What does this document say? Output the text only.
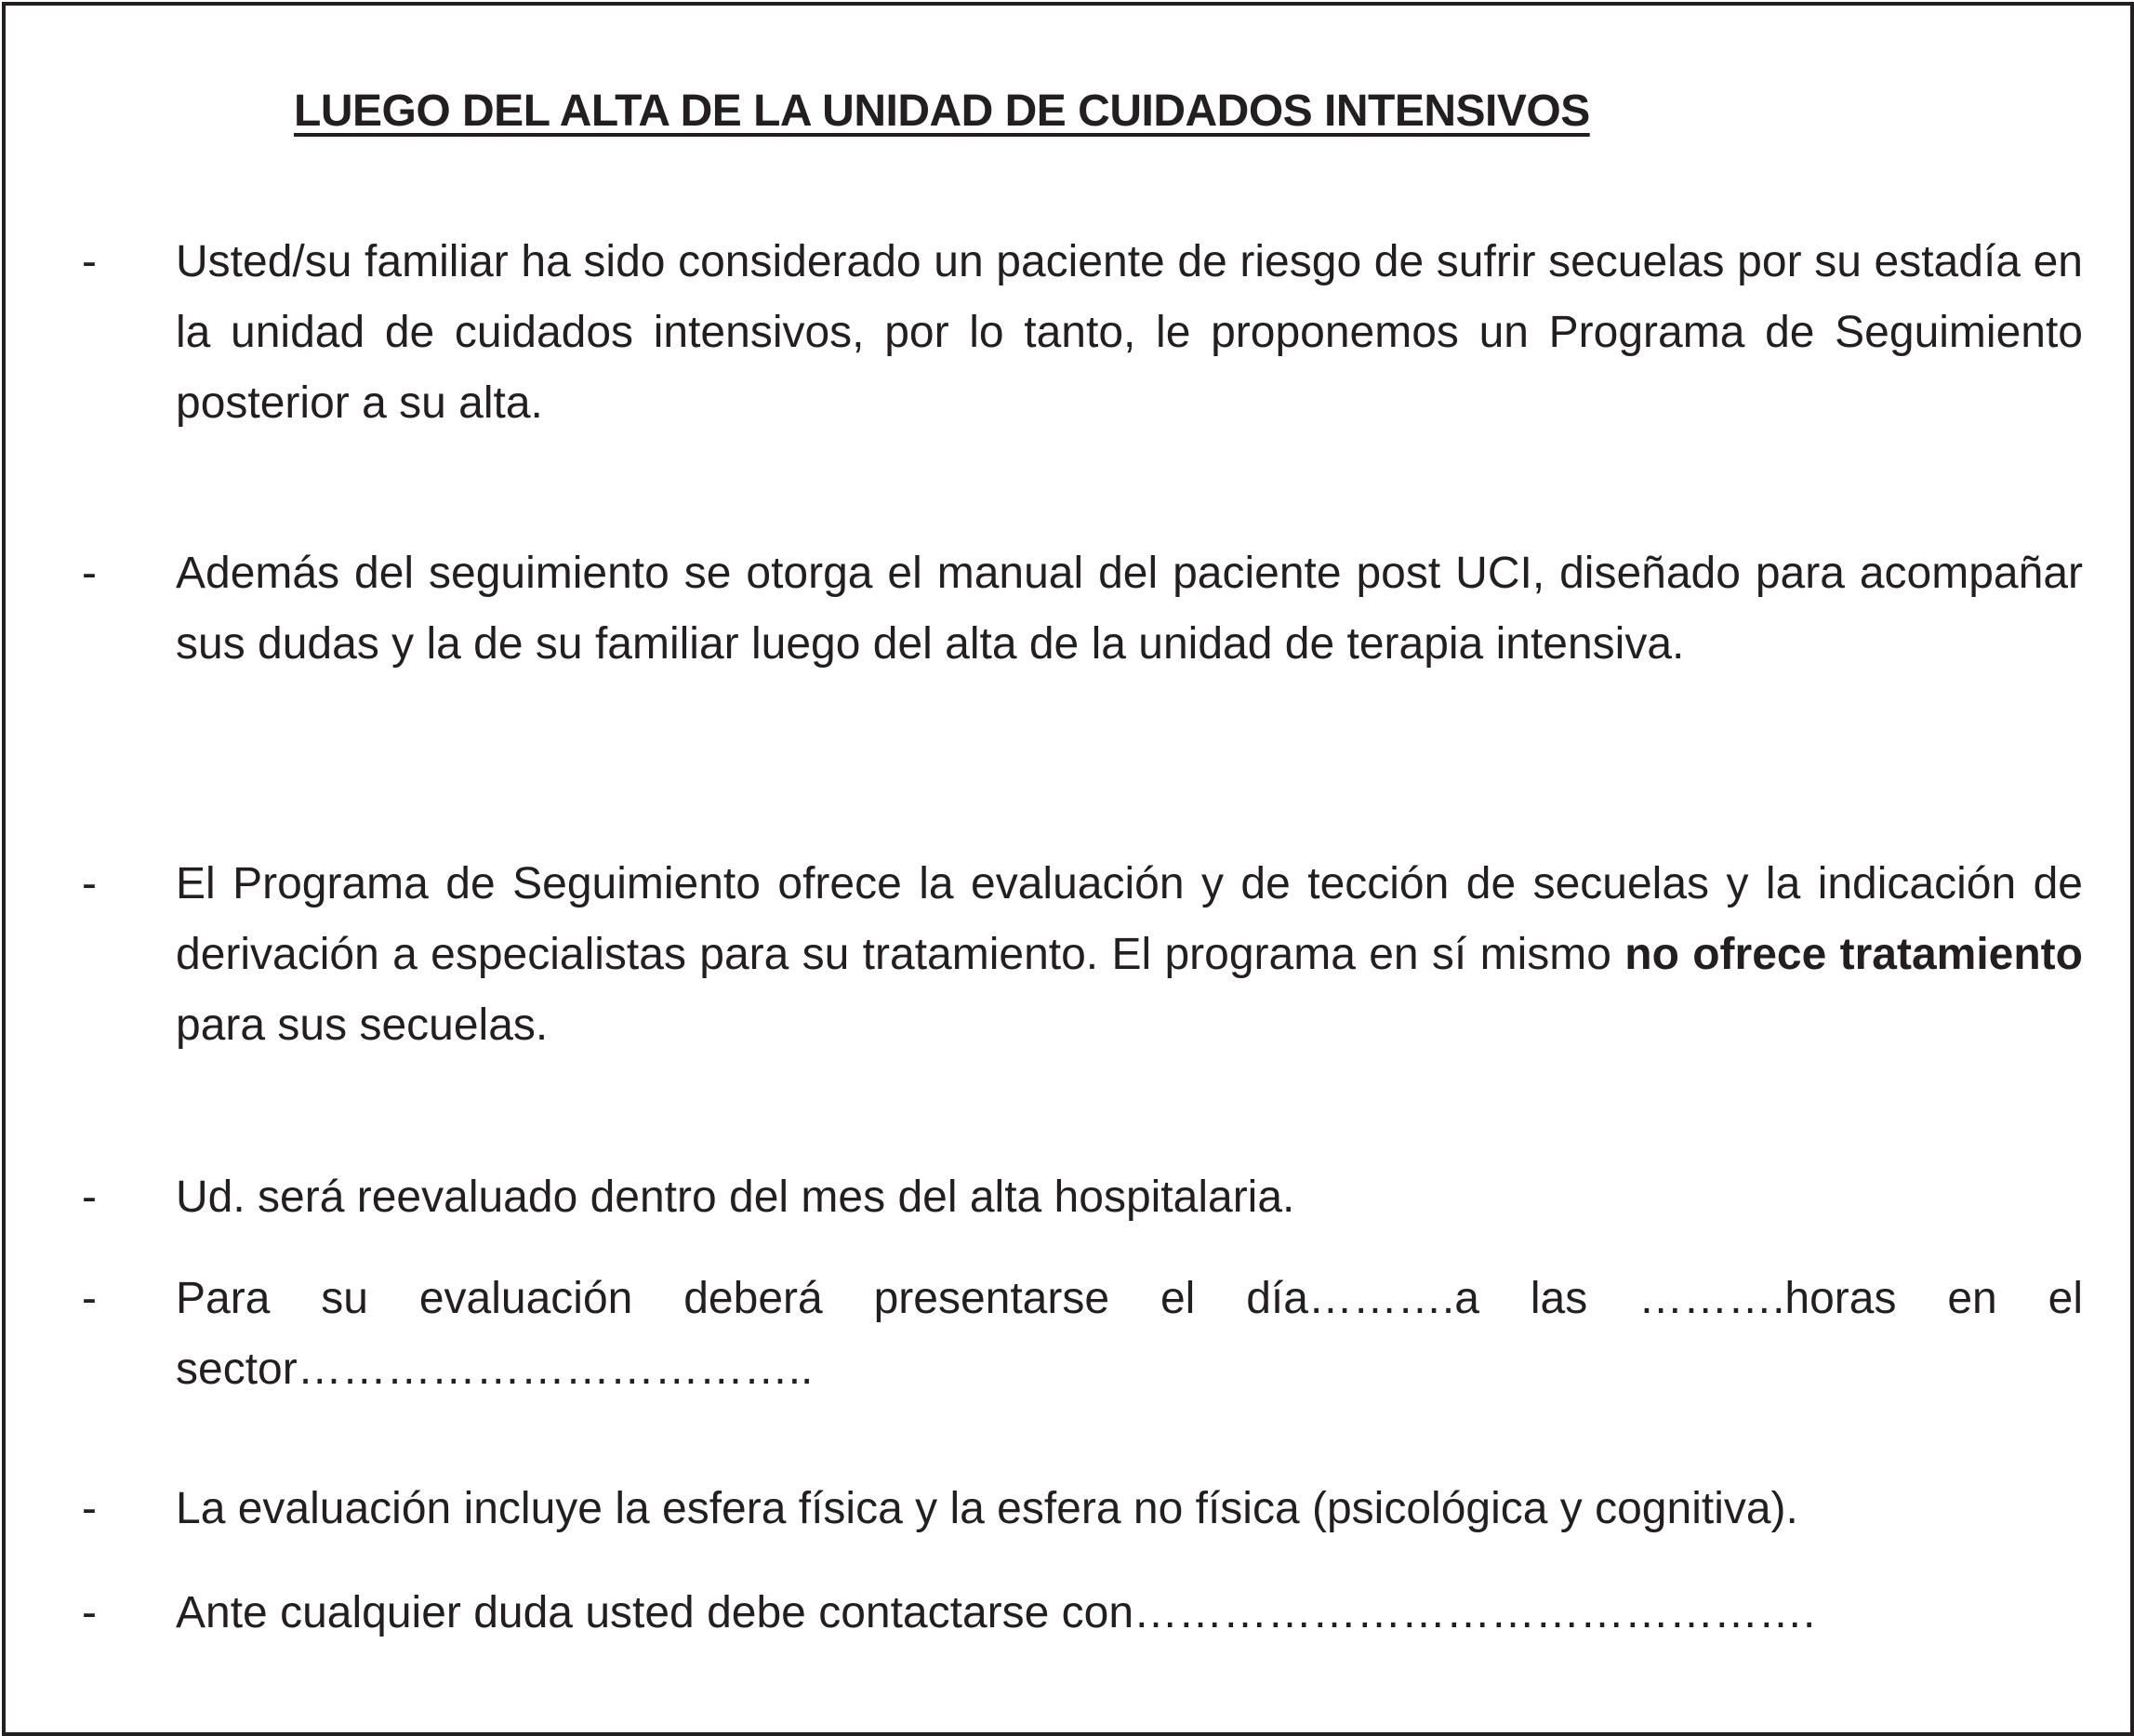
LUEGO DEL ALTA DE LA UNIDAD DE CUIDADOS INTENSIVOS
- Usted/su familiar ha sido considerado un paciente de riesgo de sufrir secuelas por su estadía en la unidad de cuidados intensivos, por lo tanto, le proponemos un Programa de Seguimiento posterior a su alta.
- Además del seguimiento se otorga el manual del paciente post UCI, diseñado para acompañar sus dudas y la de su familiar luego del alta de la unidad de terapia intensiva.
- El Programa de Seguimiento ofrece la evaluación y de tección de secuelas y la indicación de derivación a especialistas para su tratamiento. El programa en sí mismo no ofrece tratamiento para sus secuelas.
- Ud. será reevaluado dentro del mes del alta hospitalaria.
- Para su evaluación deberá presentarse el día……….a las ……….horas en el sector……………………………..
- La evaluación incluye la esfera física y la esfera no física (psicológica y cognitiva).
- Ante cualquier duda usted debe contactarse con……………………………………….
